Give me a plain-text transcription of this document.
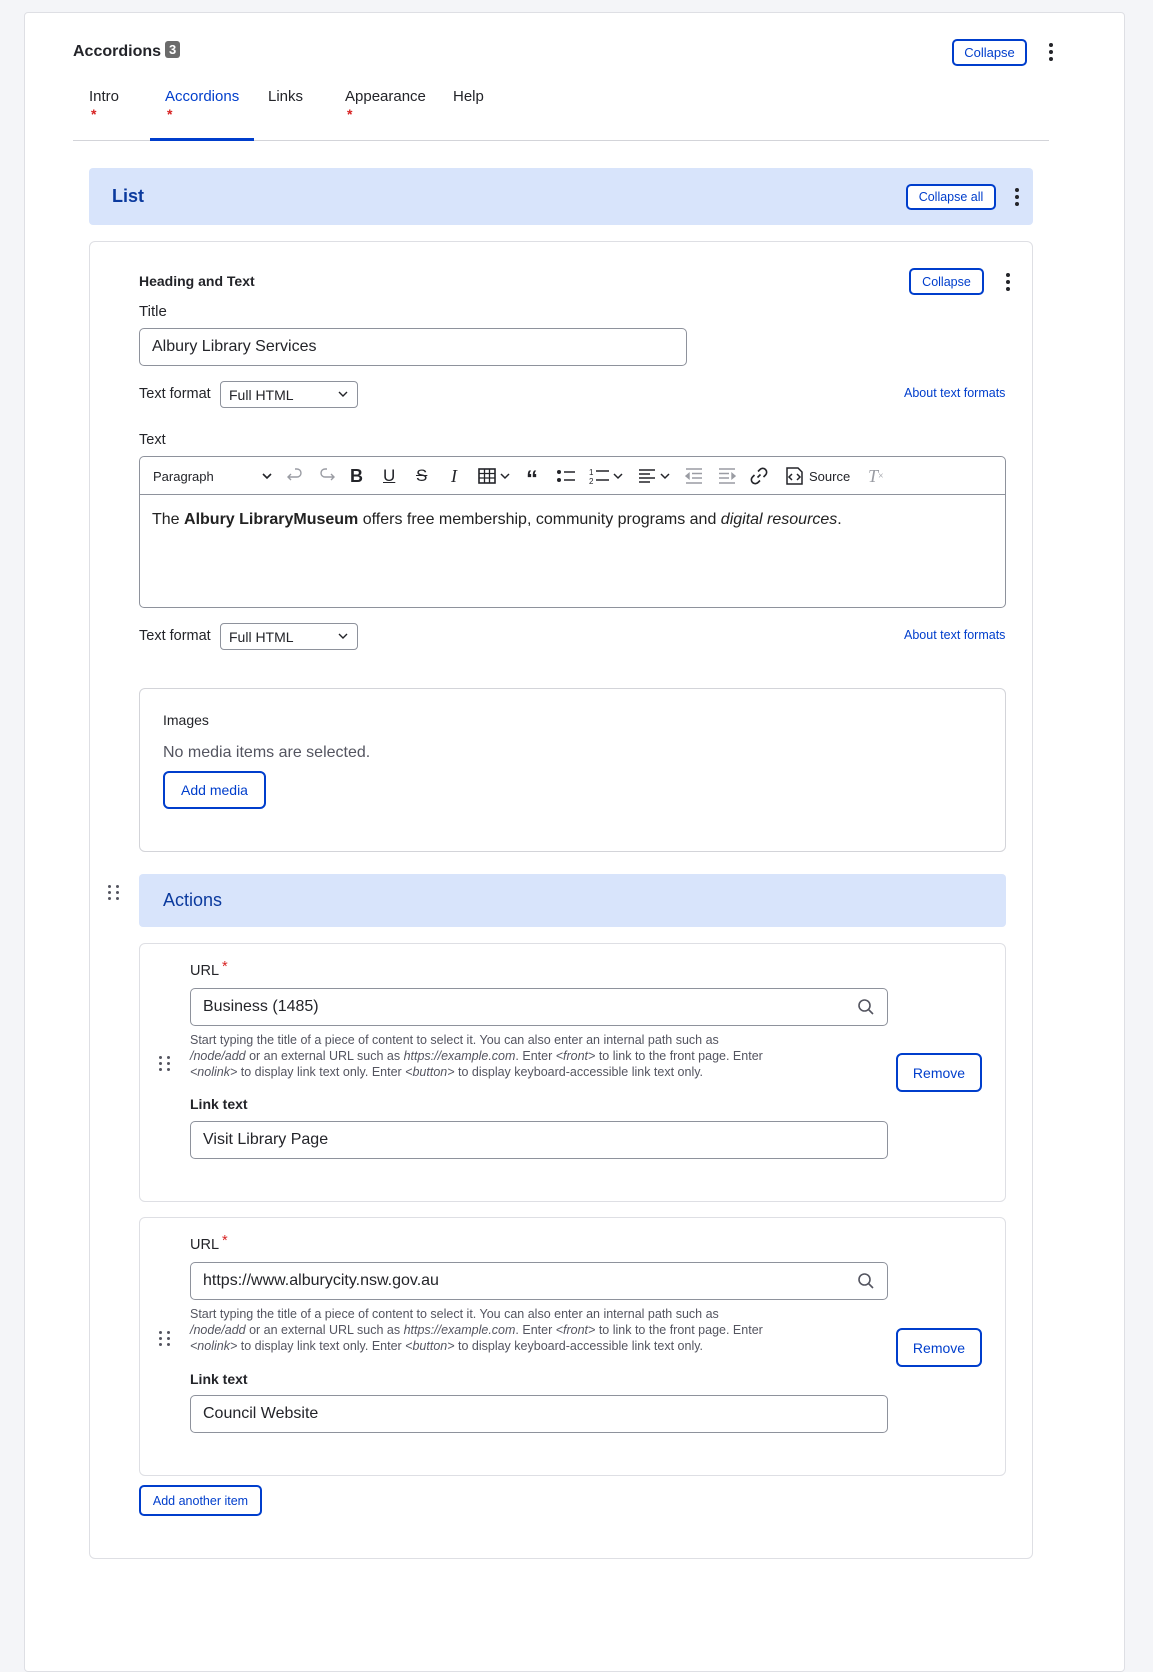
Accordions 3	Collapse
Intro
*
Accordions
*
Links	Appearance
*
Help
List	Collapse all
Heading and Text	Collapse
Title
Albury Library Services
Text format Full HTML	About text formats
Text
Paragraph	B U S I	“	1
2	Source T ×
The Albury LibraryMuseum offers free membership, community programs and digital resources.
Text format Full HTML	About text formats
Images
No media items are selected.
Add media
Actions
URL *
Business (1485)
Start typing the title of a piece of content to select it. You can also enter an internal path such as
/node/add or an external URL such as https://example.com. Enter <front> to link to the front page. Enter
<nolink> to display link text only. Enter <button> to display keyboard-accessible link text only.	Remove
Link text
Visit Library Page
URL *
https://www.alburycity.nsw.gov.au
Start typing the title of a piece of content to select it. You can also enter an internal path such as
/node/add or an external URL such as https://example.com. Enter <front> to link to the front page. Enter
<nolink> to display link text only. Enter <button> to display keyboard-accessible link text only.	Remove
Link text
Council Website
Add another item
